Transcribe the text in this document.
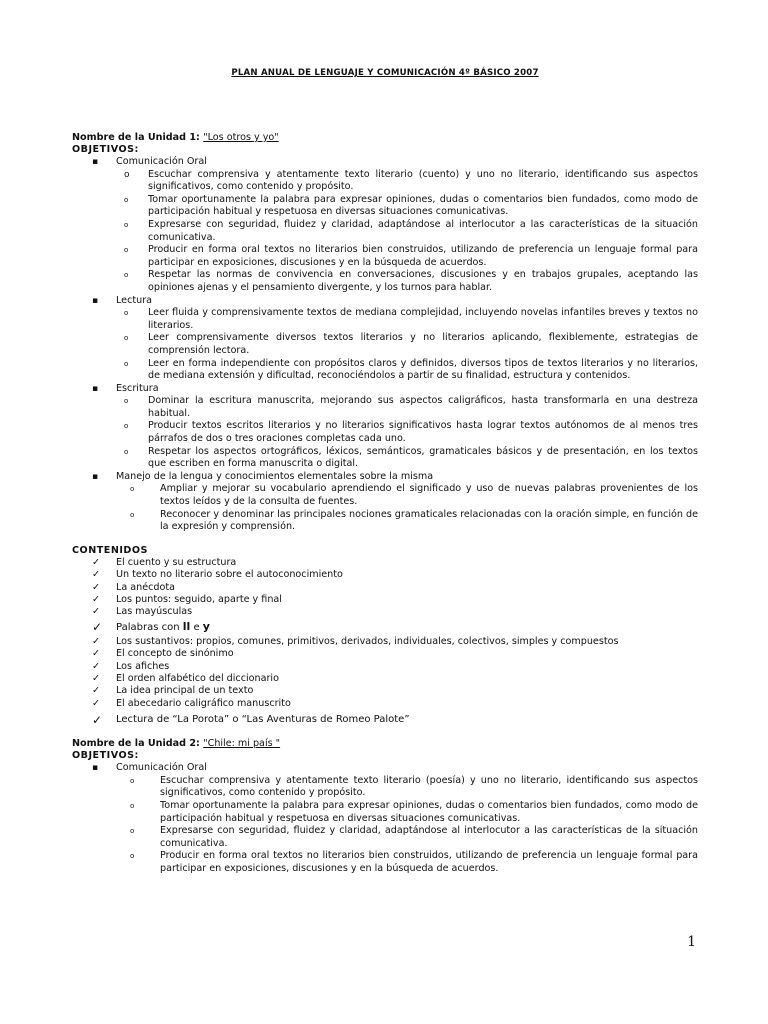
PLAN ANUAL DE LENGUAJE Y COMUNICACIÓN 4º BÁSICO 2007
Nombre de la Unidad 1: "Los otros y yo"
OBJETIVOS:
▪ Comunicación Oral
o Escuchar comprensiva y atentamente texto literario (cuento) y uno no literario, identificando sus aspectos significativos, como contenido y propósito.
o Tomar oportunamente la palabra para expresar opiniones, dudas o comentarios bien fundados, como modo de participación habitual y respetuosa en diversas situaciones comunicativas.
o Expresarse con seguridad, fluidez y claridad, adaptándose al interlocutor a las características de la situación comunicativa.
o Producir en forma oral textos no literarios bien construidos, utilizando de preferencia un lenguaje formal para participar en exposiciones, discusiones y en la búsqueda de acuerdos.
o Respetar las normas de convivencia en conversaciones, discusiones y en trabajos grupales, aceptando las opiniones ajenas y el pensamiento divergente, y los turnos para hablar.
▪ Lectura
o Leer fluida y comprensivamente textos de mediana complejidad, incluyendo novelas infantiles breves y textos no literarios.
o Leer comprensivamente diversos textos literarios y no literarios aplicando, flexiblemente, estrategias de comprensión lectora.
o Leer en forma independiente con propósitos claros y definidos, diversos tipos de textos literarios y no literarios, de mediana extensión y dificultad, reconociéndolos a partir de su finalidad, estructura y contenidos.
▪ Escritura
o Dominar la escritura manuscrita, mejorando sus aspectos caligráficos, hasta transformarla en una destreza habitual.
o Producir textos escritos literarios y no literarios significativos hasta lograr textos autónomos de al menos tres párrafos de dos o tres oraciones completas cada uno.
o Respetar los aspectos ortográficos, léxicos, semánticos, gramaticales básicos y de presentación, en los textos que escriben en forma manuscrita o digital.
▪ Manejo de la lengua y conocimientos elementales sobre la misma
o Ampliar y mejorar su vocabulario aprendiendo el significado y uso de nuevas palabras provenientes de los textos leídos y de la consulta de fuentes.
o Reconocer y denominar las principales nociones gramaticales relacionadas con la oración simple, en función de la expresión y comprensión.
CONTENIDOS
✓ El cuento y su estructura
✓ Un texto no literario sobre el autoconocimiento
✓ La anécdota
✓ Los puntos: seguido, aparte y final
✓ Las mayúsculas
✓ Palabras con ll e y
✓ Los sustantivos: propios, comunes, primitivos, derivados, individuales, colectivos, simples y compuestos
✓ El concepto de sinónimo
✓ Los afiches
✓ El orden alfabético del diccionario
✓ La idea principal de un texto
✓ El abecedario caligráfico manuscrito
✓ Lectura de “La Porota” o “Las Aventuras de Romeo Palote”
Nombre de la Unidad 2: "Chile: mi país "
OBJETIVOS:
▪ Comunicación Oral
o Escuchar comprensiva y atentamente texto literario (poesía) y uno no literario, identificando sus aspectos significativos, como contenido y propósito.
o Tomar oportunamente la palabra para expresar opiniones, dudas o comentarios bien fundados, como modo de participación habitual y respetuosa en diversas situaciones comunicativas.
o Expresarse con seguridad, fluidez y claridad, adaptándose al interlocutor a las características de la situación comunicativa.
o Producir en forma oral textos no literarios bien construidos, utilizando de preferencia un lenguaje formal para participar en exposiciones, discusiones y en la búsqueda de acuerdos.
1
